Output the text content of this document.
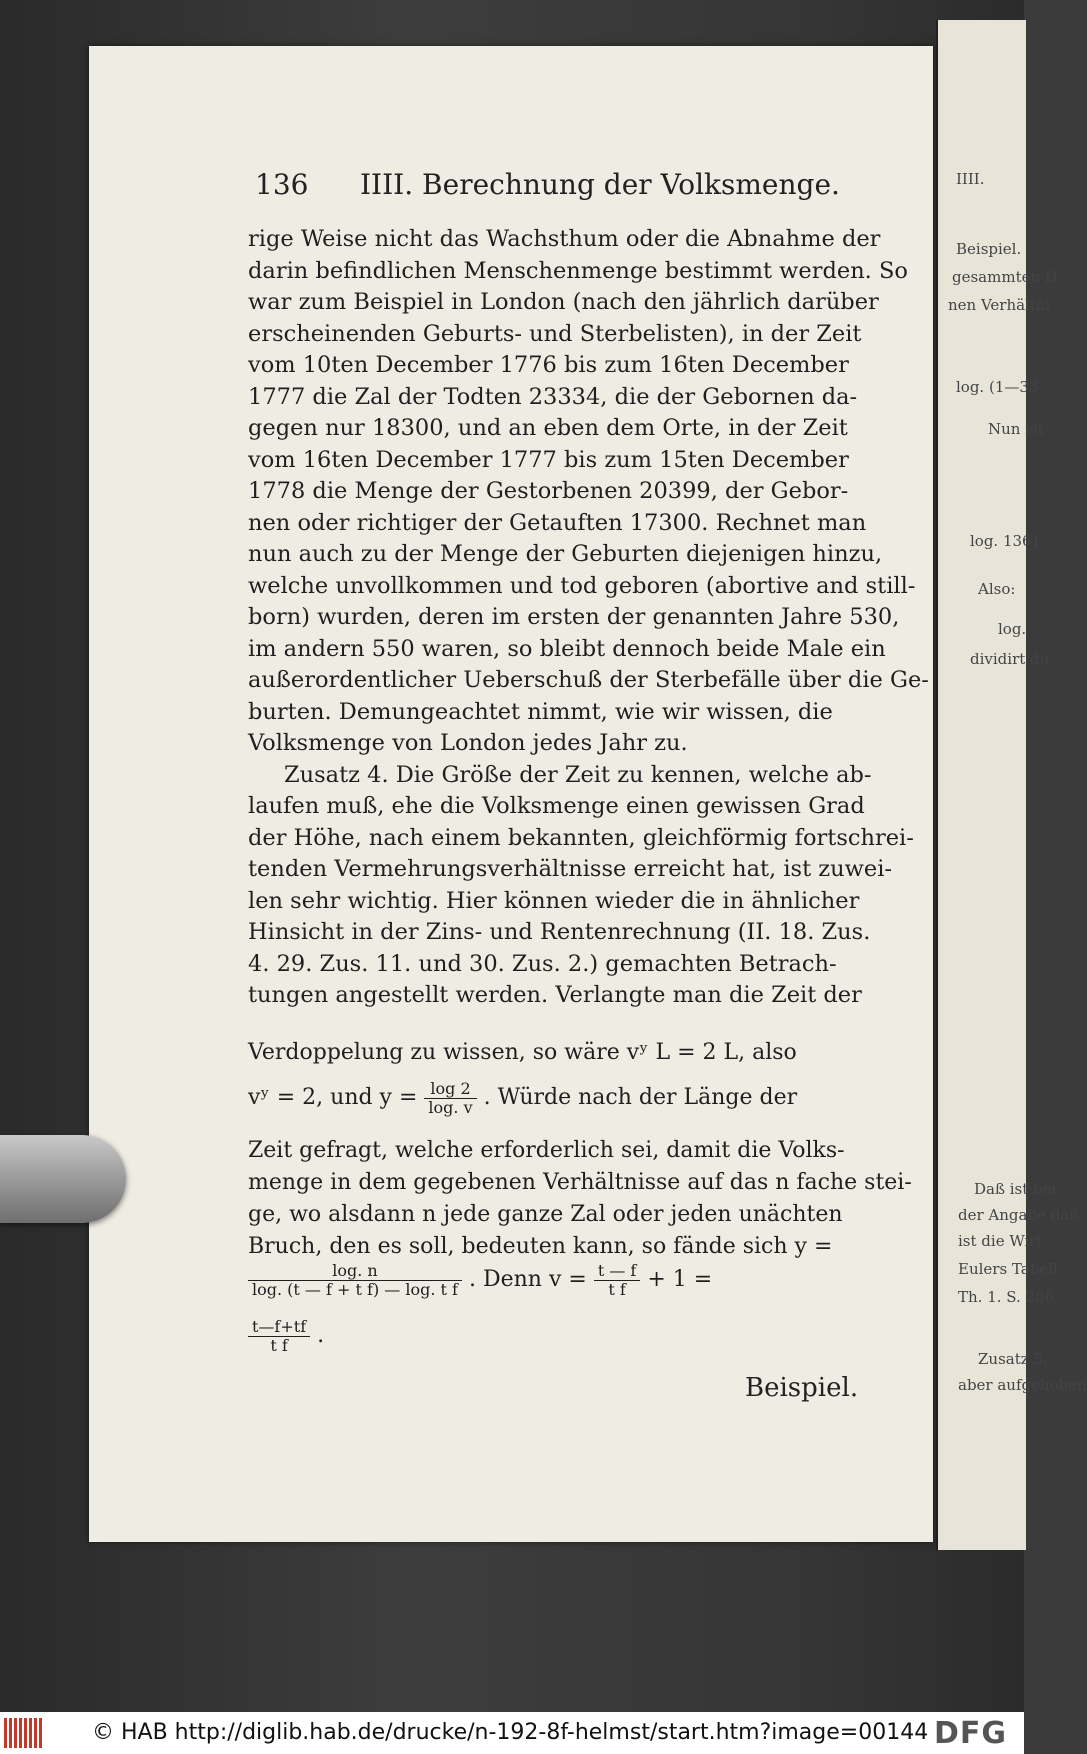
IIII.
Beispiel.
gesammten D
nen Verhältni
log. (1—33
Nun ist
log. 1361
Also:
log.
dividirt du
Daß ist bei
der Angabe daß
ist die Wirt
Eulers Tabell
Th. 1. S. 286.
Zusatz 5.
aber aufgehoben
136 IIII. Berechnung der Volksmenge.
rige Weise nicht das Wachsthum oder die Abnahme der
darin befindlichen Menschenmenge bestimmt werden. So
war zum Beispiel in London (nach den jährlich darüber
erscheinenden Geburts- und Sterbelisten), in der Zeit
vom 10ten December 1776 bis zum 16ten December
1777 die Zal der Todten 23334, die der Gebornen da-
gegen nur 18300, und an eben dem Orte, in der Zeit
vom 16ten December 1777 bis zum 15ten December
1778 die Menge der Gestorbenen 20399, der Gebor-
nen oder richtiger der Getauften 17300. Rechnet man
nun auch zu der Menge der Geburten diejenigen hinzu,
welche unvollkommen und tod geboren (abortive and still-
born) wurden, deren im ersten der genannten Jahre 530,
im andern 550 waren, so bleibt dennoch beide Male ein
außerordentlicher Ueberschuß der Sterbefälle über die Ge-
burten. Demungeachtet nimmt, wie wir wissen, die
Volksmenge von London jedes Jahr zu.
Zusatz 4. Die Größe der Zeit zu kennen, welche ab-
laufen muß, ehe die Volksmenge einen gewissen Grad
der Höhe, nach einem bekannten, gleichförmig fortschrei-
tenden Vermehrungsverhältnisse erreicht hat, ist zuwei-
len sehr wichtig. Hier können wieder die in ähnlicher
Hinsicht in der Zins- und Rentenrechnung (II. 18. Zus.
4. 29. Zus. 11. und 30. Zus. 2.) gemachten Betrach-
tungen angestellt werden. Verlangte man die Zeit der
Verdoppelung zu wissen, so wäre vʸ L = 2 L, also
vʸ = 2, und $y = \frac{\log 2}{\log. v}$ . Würde nach der Länge der
Zeit gefragt, welche erforderlich sei, damit die Volks-
menge in dem gegebenen Verhältnisse auf das n fache stei-
ge, wo alsdann n jede ganze Zal oder jeden unächten
Bruch, den es soll, bedeuten kann, so fände sich y =
$\frac{\log. n}{\text{log. (t — f + t f) — log. t f}}$ . Denn $v = \frac{t — f}{\text{t f}} + 1$ =
$\frac{t—f+tf}{\text{t f}}$ .
Beispiel.
© HAB http://diglib.hab.de/drucke/n-192-8f-helmst/start.htm?image=00144 DFG
